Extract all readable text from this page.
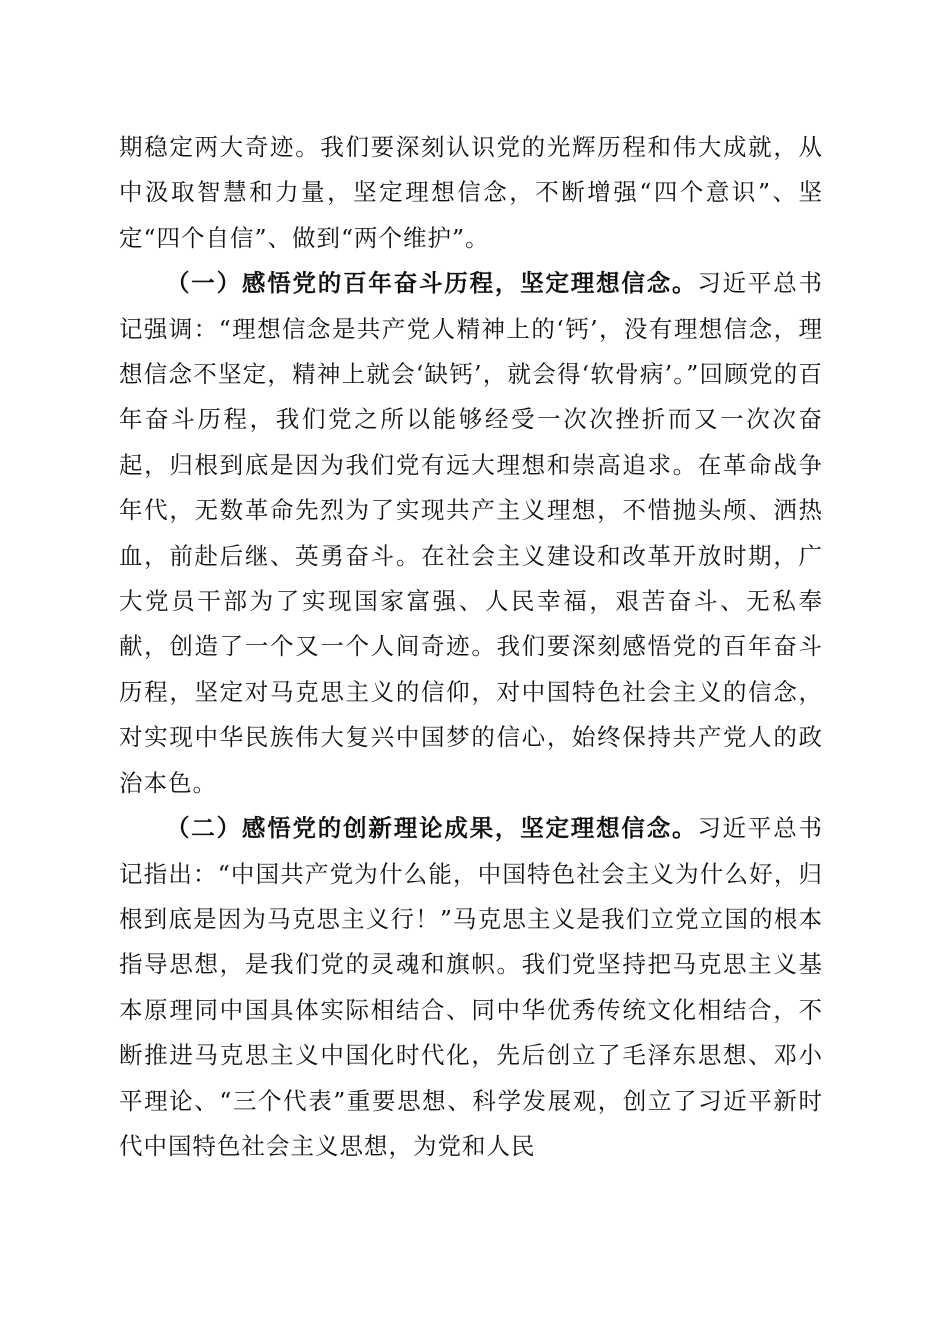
期稳定两大奇迹。我们要深刻认识党的光辉历程和伟大成就，从中汲取智慧和力量，坚定理想信念，不断增强“四个意识”、坚定“四个自信”、做到“两个维护”。

（一）感悟党的百年奋斗历程，坚定理想信念。习近平总书记强调：“理想信念是共产党人精神上的‘钙’，没有理想信念，理想信念不坚定，精神上就会‘缺钙’，就会得‘软骨病’。”回顾党的百年奋斗历程，我们党之所以能够经受一次次挫折而又一次次奋起，归根到底是因为我们党有远大理想和崇高追求。在革命战争年代，无数革命先烈为了实现共产主义理想，不惜抛头颅、洒热血，前赴后继、英勇奋斗。在社会主义建设和改革开放时期，广大党员干部为了实现国家富强、人民幸福，艰苦奋斗、无私奉献，创造了一个又一个人间奇迹。我们要深刻感悟党的百年奋斗历程，坚定对马克思主义的信仰，对中国特色社会主义的信念，对实现中华民族伟大复兴中国梦的信心，始终保持共产党人的政治本色。

（二）感悟党的创新理论成果，坚定理想信念。习近平总书记指出：“中国共产党为什么能，中国特色社会主义为什么好，归根到底是因为马克思主义行！”马克思主义是我们立党立国的根本指导思想，是我们党的灵魂和旗帜。我们党坚持把马克思主义基本原理同中国具体实际相结合、同中华优秀传统文化相结合，不断推进马克思主义中国化时代化，先后创立了毛泽东思想、邓小平理论、“三个代表”重要思想、科学发展观，创立了习近平新时代中国特色社会主义思想，为党和人民
